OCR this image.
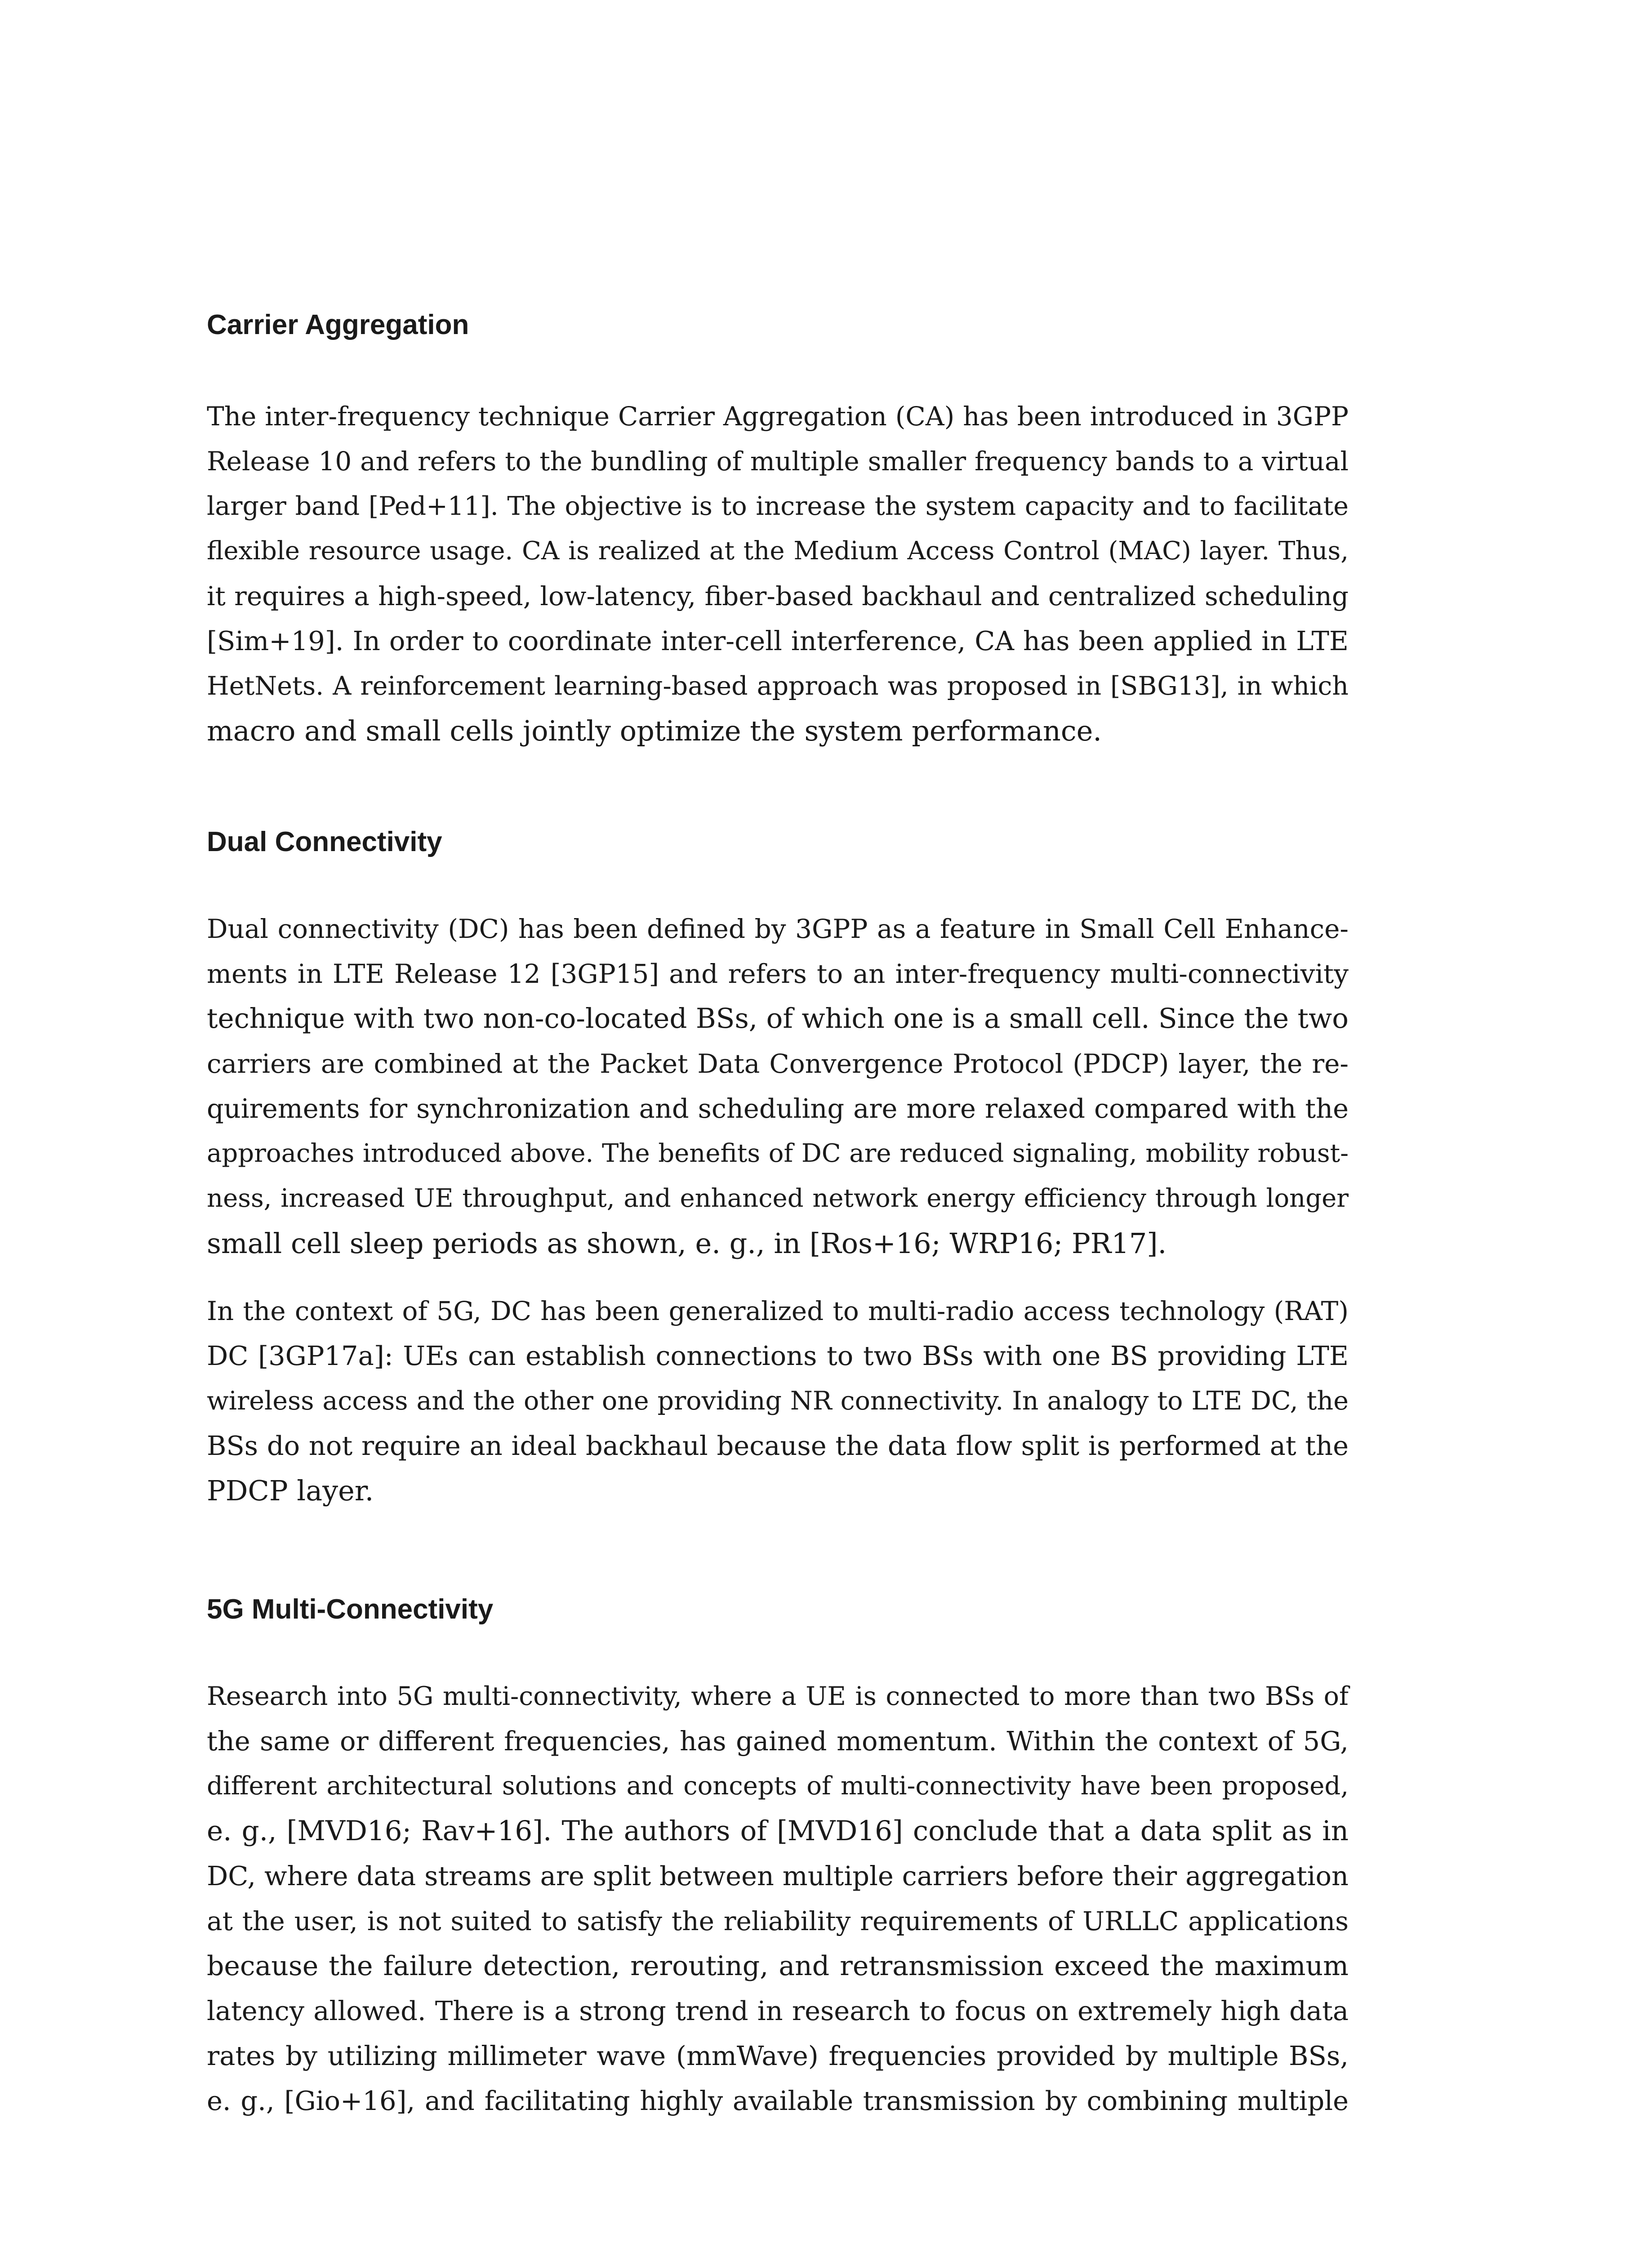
Carrier Aggregation
The inter-frequency technique Carrier Aggregation (CA) has been introduced in 3GPP
Release 10 and refers to the bundling of multiple smaller frequency bands to a virtual
larger band [Ped+11]. The objective is to increase the system capacity and to facilitate
flexible resource usage. CA is realized at the Medium Access Control (MAC) layer. Thus,
it requires a high-speed, low-latency, fiber-based backhaul and centralized scheduling
[Sim+19]. In order to coordinate inter-cell interference, CA has been applied in LTE
HetNets. A reinforcement learning-based approach was proposed in [SBG13], in which
macro and small cells jointly optimize the system performance.
Dual Connectivity
Dual connectivity (DC) has been defined by 3GPP as a feature in Small Cell Enhance-
ments in LTE Release 12 [3GP15] and refers to an inter-frequency multi-connectivity
technique with two non-co-located BSs, of which one is a small cell. Since the two
carriers are combined at the Packet Data Convergence Protocol (PDCP) layer, the re-
quirements for synchronization and scheduling are more relaxed compared with the
approaches introduced above. The benefits of DC are reduced signaling, mobility robust-
ness, increased UE throughput, and enhanced network energy efficiency through longer
small cell sleep periods as shown, e. g., in [Ros+16; WRP16; PR17].
In the context of 5G, DC has been generalized to multi-radio access technology (RAT)
DC [3GP17a]: UEs can establish connections to two BSs with one BS providing LTE
wireless access and the other one providing NR connectivity. In analogy to LTE DC, the
BSs do not require an ideal backhaul because the data flow split is performed at the
PDCP layer.
5G Multi-Connectivity
Research into 5G multi-connectivity, where a UE is connected to more than two BSs of
the same or different frequencies, has gained momentum. Within the context of 5G,
different architectural solutions and concepts of multi-connectivity have been proposed,
e. g., [MVD16; Rav+16]. The authors of [MVD16] conclude that a data split as in
DC, where data streams are split between multiple carriers before their aggregation
at the user, is not suited to satisfy the reliability requirements of URLLC applications
because the failure detection, rerouting, and retransmission exceed the maximum
latency allowed. There is a strong trend in research to focus on extremely high data
rates by utilizing millimeter wave (mmWave) frequencies provided by multiple BSs,
e. g., [Gio+16], and facilitating highly available transmission by combining multiple
